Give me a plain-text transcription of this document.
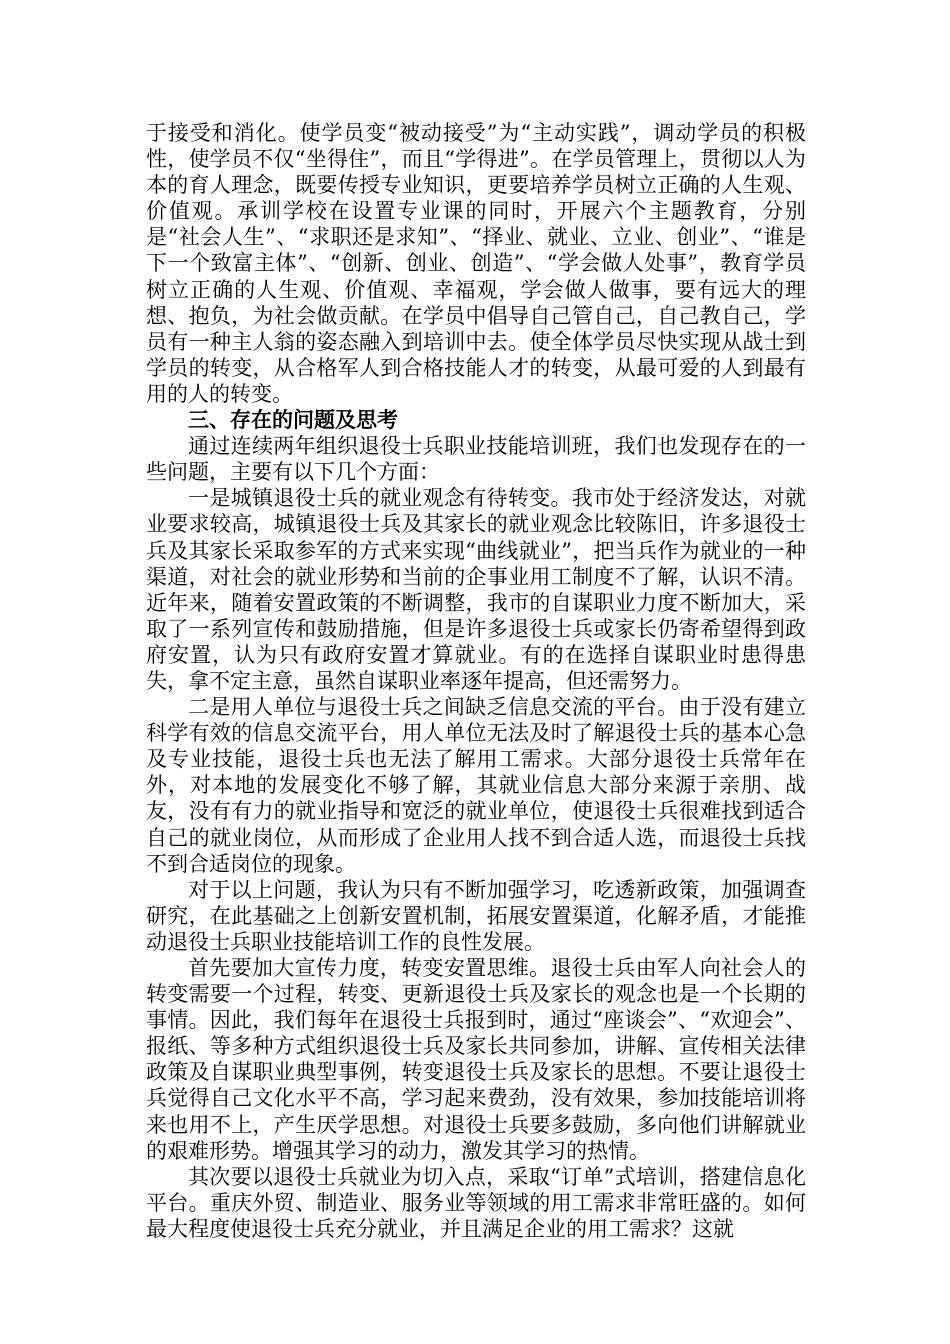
于接受和消化。使学员变“被动接受”为“主动实践”，调动学员的积极性，使学员不仅“坐得住”，而且“学得进”。在学员管理上，贯彻以人为本的育人理念，既要传授专业知识，更要培养学员树立正确的人生观、价值观。承训学校在设置专业课的同时，开展六个主题教育，分别是“社会人生”、“求职还是求知”、“择业、就业、立业、创业”、“谁是下一个致富主体”、“创新、创业、创造”、“学会做人处事”，教育学员树立正确的人生观、价值观、幸福观，学会做人做事，要有远大的理想、抱负，为社会做贡献。在学员中倡导自己管自己，自己教自己，学员有一种主人翁的姿态融入到培训中去。使全体学员尽快实现从战士到学员的转变，从合格军人到合格技能人才的转变，从最可爱的人到最有用的人的转变。

三、存在的问题及思考

通过连续两年组织退役士兵职业技能培训班，我们也发现存在的一些问题，主要有以下几个方面：

一是城镇退役士兵的就业观念有待转变。我市处于经济发达，对就业要求较高，城镇退役士兵及其家长的就业观念比较陈旧，许多退役士兵及其家长采取参军的方式来实现“曲线就业”，把当兵作为就业的一种渠道，对社会的就业形势和当前的企事业用工制度不了解，认识不清。近年来，随着安置政策的不断调整，我市的自谋职业力度不断加大，采取了一系列宣传和鼓励措施，但是许多退役士兵或家长仍寄希望得到政府安置，认为只有政府安置才算就业。有的在选择自谋职业时患得患失，拿不定主意，虽然自谋职业率逐年提高，但还需努力。

二是用人单位与退役士兵之间缺乏信息交流的平台。由于没有建立科学有效的信息交流平台，用人单位无法及时了解退役士兵的基本心急及专业技能，退役士兵也无法了解用工需求。大部分退役士兵常年在外，对本地的发展变化不够了解，其就业信息大部分来源于亲朋、战友，没有有力的就业指导和宽泛的就业单位，使退役士兵很难找到适合自己的就业岗位，从而形成了企业用人找不到合适人选，而退役士兵找不到合适岗位的现象。

对于以上问题，我认为只有不断加强学习，吃透新政策，加强调查研究，在此基础之上创新安置机制，拓展安置渠道，化解矛盾，才能推动退役士兵职业技能培训工作的良性发展。

首先要加大宣传力度，转变安置思维。退役士兵由军人向社会人的转变需要一个过程，转变、更新退役士兵及家长的观念也是一个长期的事情。因此，我们每年在退役士兵报到时，通过“座谈会”、“欢迎会”、报纸、等多种方式组织退役士兵及家长共同参加，讲解、宣传相关法律政策及自谋职业典型事例，转变退役士兵及家长的思想。不要让退役士兵觉得自己文化水平不高，学习起来费劲，没有效果，参加技能培训将来也用不上，产生厌学思想。对退役士兵要多鼓励，多向他们讲解就业的艰难形势。增强其学习的动力，激发其学习的热情。

其次要以退役士兵就业为切入点，采取“订单”式培训，搭建信息化平台。重庆外贸、制造业、服务业等领域的用工需求非常旺盛的。如何最大程度使退役士兵充分就业，并且满足企业的用工需求？这就
